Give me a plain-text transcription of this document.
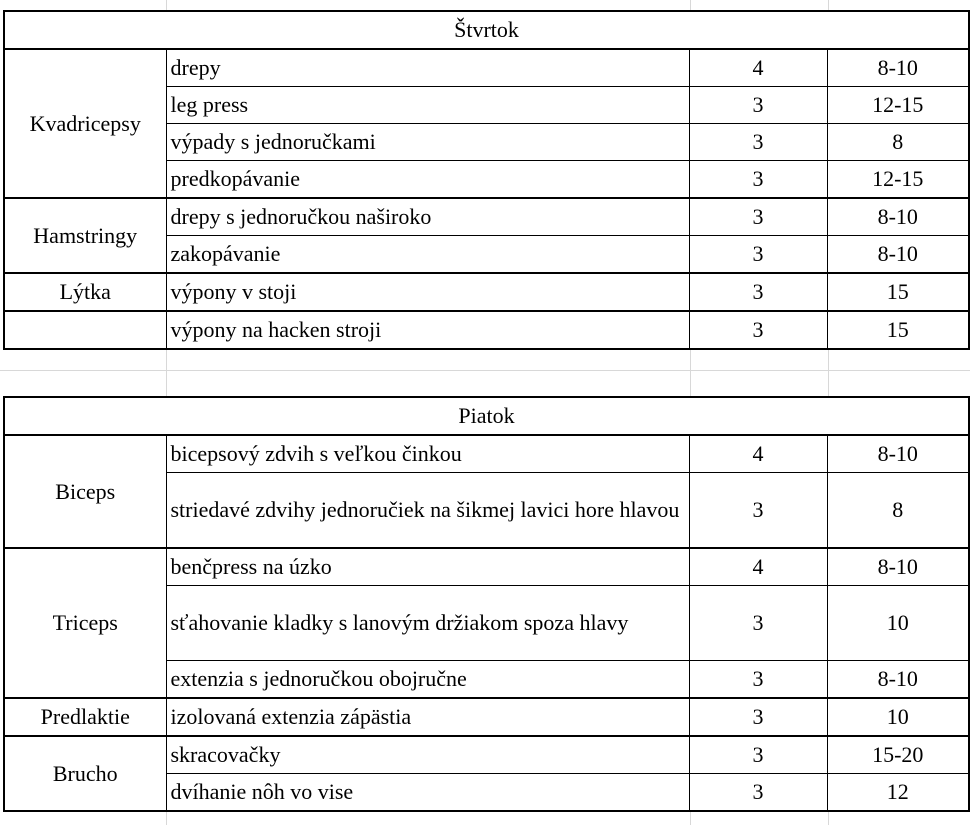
Štvrtok			
Kvadricepsy	drepy	4	8-10
	leg press	3	12-15
	výpady s jednoručkami	3	8
	predkopávanie	3	12-15
Hamstringy	drepy s jednoručkou naširoko	3	8-10
	zakopávanie	3	8-10
Lýtka	výpony v stoji	3	15
	výpony na hacken stroji	3	15
Piatok			
Biceps	bicepsový zdvih s veľkou činkou	4	8-10
	striedavé zdvihy jednoručiek na šikmej lavici hore hlavou	3	8
Triceps	benčpress na úzko	4	8-10
	sťahovanie kladky s lanovým držiakom spoza hlavy	3	10
	extenzia s jednoručkou obojručne	3	8-10
Predlaktie	izolovaná extenzia zápästia	3	10
Brucho	skracovačky	3	15-20
	dvíhanie nôh vo vise	3	12
